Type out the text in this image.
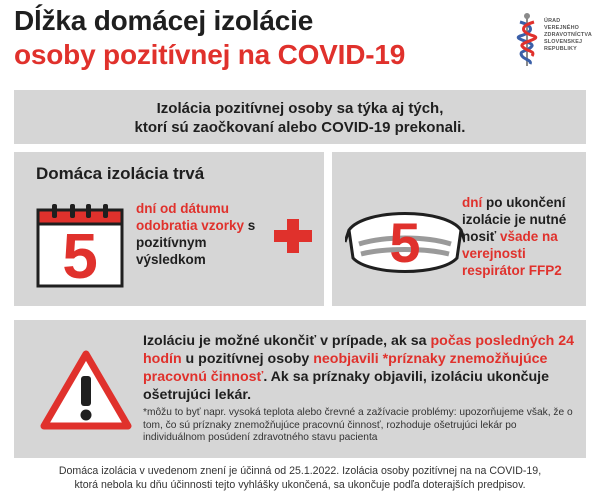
Dĺžka domácej izolácie
osoby pozitívnej na COVID-19
ÚRAD
VEREJNÉHO
ZDRAVOTNÍCTVA
SLOVENSKEJ
REPUBLIKY
Izolácia pozitívnej osoby sa týka aj tých,
ktorí sú zaočkovaní alebo COVID-19 prekonali.
Domáca izolácia trvá
5
dní od dátumu odobratia vzorky s pozitívnym výsledkom	5
dní po ukončení izolácie je nutné nosiť všade na verejnosti respirátor FFP2
Izoláciu je možné ukončiť v prípade, ak sa počas posledných 24 hodín u pozitívnej osoby neobjavili *príznaky znemožňujúce pracovnú činnosť. Ak sa príznaky objavili, izoláciu ukončuje ošetrujúci lekár.
*môžu to byť napr. vysoká teplota alebo črevné a zažívacie problémy: upozorňujeme však, že o tom, čo sú príznaky znemožňujúce pracovnú činnosť, rozhoduje ošetrujúci lekár po individuálnom posúdení zdravotného stavu pacienta
Domáca izolácia v uvedenom znení je účinná od 25.1.2022. Izolácia osoby pozitívnej na na COVID-19,
ktorá nebola ku dňu účinnosti tejto vyhlášky ukončená, sa ukončuje podľa doterajších predpisov.
